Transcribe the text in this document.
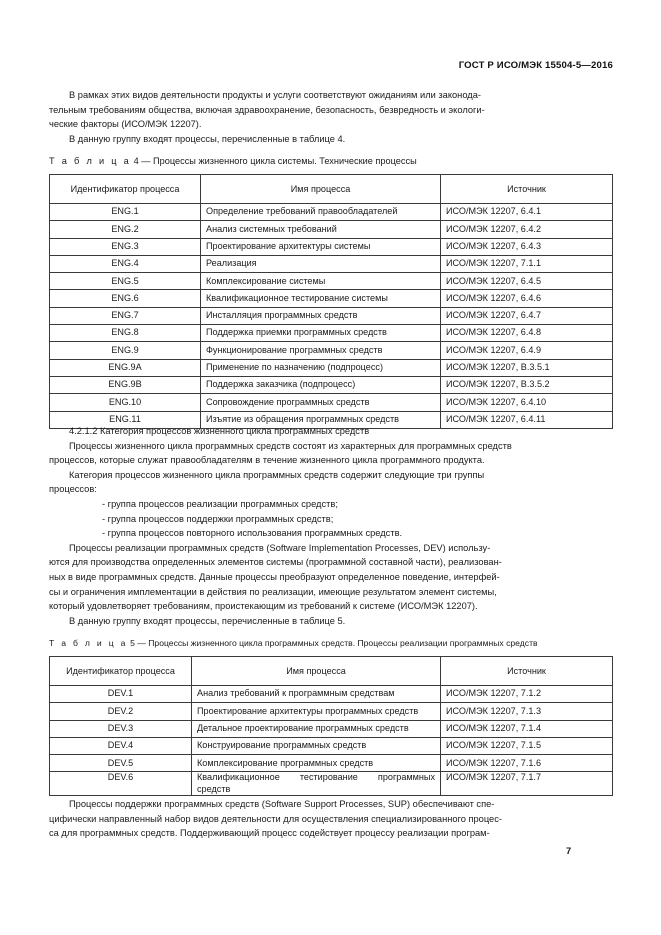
ГОСТ Р ИСО/МЭК 15504-5—2016

В рамках этих видов деятельности продукты и услуги соответствуют ожиданиям или законода-

тельным требованиям общества, включая здравоохранение, безопасность, безвредность и экологи-

ческие факторы (ИСО/МЭК 12207).

В данную группу входят процессы, перечисленные в таблице 4.

Т а б л и ц а 4 — Процессы жизненного цикла системы. Технические процессы
Идентификатор процесса	Имя процесса	Источник
ENG.1	Определение требований правообладателей	ИСО/МЭК 12207, 6.4.1
ENG.2	Анализ системных требований	ИСО/МЭК 12207, 6.4.2
ENG.3	Проектирование архитектуры системы	ИСО/МЭК 12207, 6.4.3
ENG.4	Реализация	ИСО/МЭК 12207, 7.1.1
ENG.5	Комплексирование системы	ИСО/МЭК 12207, 6.4.5
ENG.6	Квалификационное тестирование системы	ИСО/МЭК 12207, 6.4.6
ENG.7	Инсталляция программных средств	ИСО/МЭК 12207, 6.4.7
ENG.8	Поддержка приемки программных средств	ИСО/МЭК 12207, 6.4.8
ENG.9	Функционирование программных средств	ИСО/МЭК 12207, 6.4.9
ENG.9A	Применение по назначению (подпроцесс)	ИСО/МЭК 12207, В.3.5.1
ENG.9B	Поддержка заказчика (подпроцесс)	ИСО/МЭК 12207, В.3.5.2
ENG.10	Сопровождение программных средств	ИСО/МЭК 12207, 6.4.10
ENG.11	Изъятие из обращения программных средств	ИСО/МЭК 12207, 6.4.11

4.2.1.2 Категория процессов жизненного цикла программных средств

Процессы жизненного цикла программных средств состоят из характерных для программных средств

процессов, которые служат правообладателям в течение жизненного цикла программного продукта.

Категория процессов жизненного цикла программных средств содержит следующие три группы

процессов:

- группа процессов реализации программных средств;

- группа процессов поддержки программных средств;

- группа процессов повторного использования программных средств.

Процессы реализации программных средств (Software Implementation Processes, DEV) использу-

ются для производства определенных элементов системы (программной составной части), реализован-

ных в виде программных средств. Данные процессы преобразуют определенное поведение, интерфей-

сы и ограничения имплементации в действия по реализации, имеющие результатом элемент системы,

который удовлетворяет требованиям, проистекающим из требований к системе (ИСО/МЭК 12207).

В данную группу входят процессы, перечисленные в таблице 5.

Т а б л и ц а 5 — Процессы жизненного цикла программных средств. Процессы реализации программных средств
Идентификатор процесса	Имя процесса	Источник
DEV.1	Анализ требований к программным средствам	ИСО/МЭК 12207, 7.1.2
DEV.2	Проектирование архитектуры программных средств	ИСО/МЭК 12207, 7.1.3
DEV.3	Детальное проектирование программных средств	ИСО/МЭК 12207, 7.1.4
DEV.4	Конструирование программных средств	ИСО/МЭК 12207, 7.1.5
DEV.5	Комплексирование программных средств	ИСО/МЭК 12207, 7.1.6
DEV.6	Квалификационное тестирование программных
средств	ИСО/МЭК 12207, 7.1.7

Процессы поддержки программных средств (Software Support Processes, SUP) обеспечивают спе-

цифически направленный набор видов деятельности для осуществления специализированного процес-

са для программных средств. Поддерживающий процесс содействует процессу реализации програм-

7
